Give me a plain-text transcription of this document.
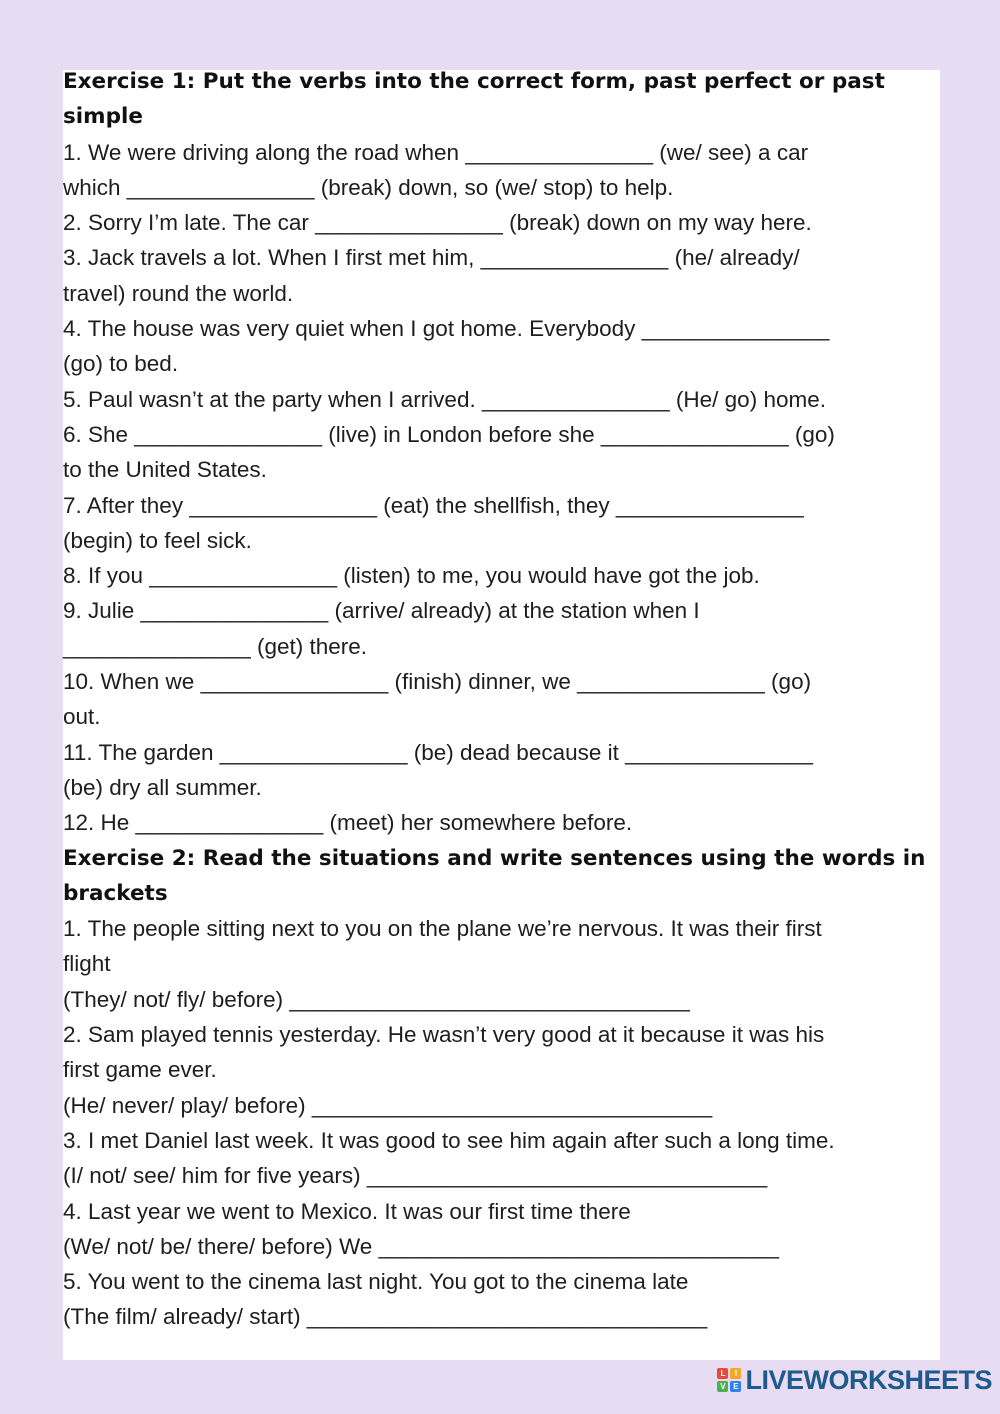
Exercise 1: Put the verbs into the correct form, past perfect or past simple
1. We were driving along the road when _______________ (we/ see) a car
which _______________ (break) down, so (we/ stop) to help.
2. Sorry I’m late. The car _______________ (break) down on my way here.
3. Jack travels a lot. When I first met him, _______________ (he/ already/
travel) round the world.
4. The house was very quiet when I got home. Everybody _______________
(go) to bed.
5. Paul wasn’t at the party when I arrived. _______________ (He/ go) home.
6. She _______________ (live) in London before she _______________ (go)
to the United States.
7. After they _______________ (eat) the shellfish, they _______________
(begin) to feel sick.
8. If you _______________ (listen) to me, you would have got the job.
9. Julie _______________ (arrive/ already) at the station when I
_______________ (get) there.
10. When we _______________ (finish) dinner, we _______________ (go)
out.
11. The garden _______________ (be) dead because it _______________
(be) dry all summer.
12. He _______________ (meet) her somewhere before.
Exercise 2: Read the situations and write sentences using the words in brackets
1. The people sitting next to you on the plane we’re nervous. It was their first
flight
(They/ not/ fly/ before) ________________________________
2. Sam played tennis yesterday. He wasn’t very good at it because it was his
first game ever.
(He/ never/ play/ before) ________________________________
3. I met Daniel last week. It was good to see him again after such a long time.
(I/ not/ see/ him for five years) ________________________________
4. Last year we went to Mexico. It was our first time there
(We/ not/ be/ there/ before) We ________________________________
5. You went to the cinema last night. You got to the cinema late
(The film/ already/ start) ________________________________
L	I
V E LIVEWORKSHEETS
